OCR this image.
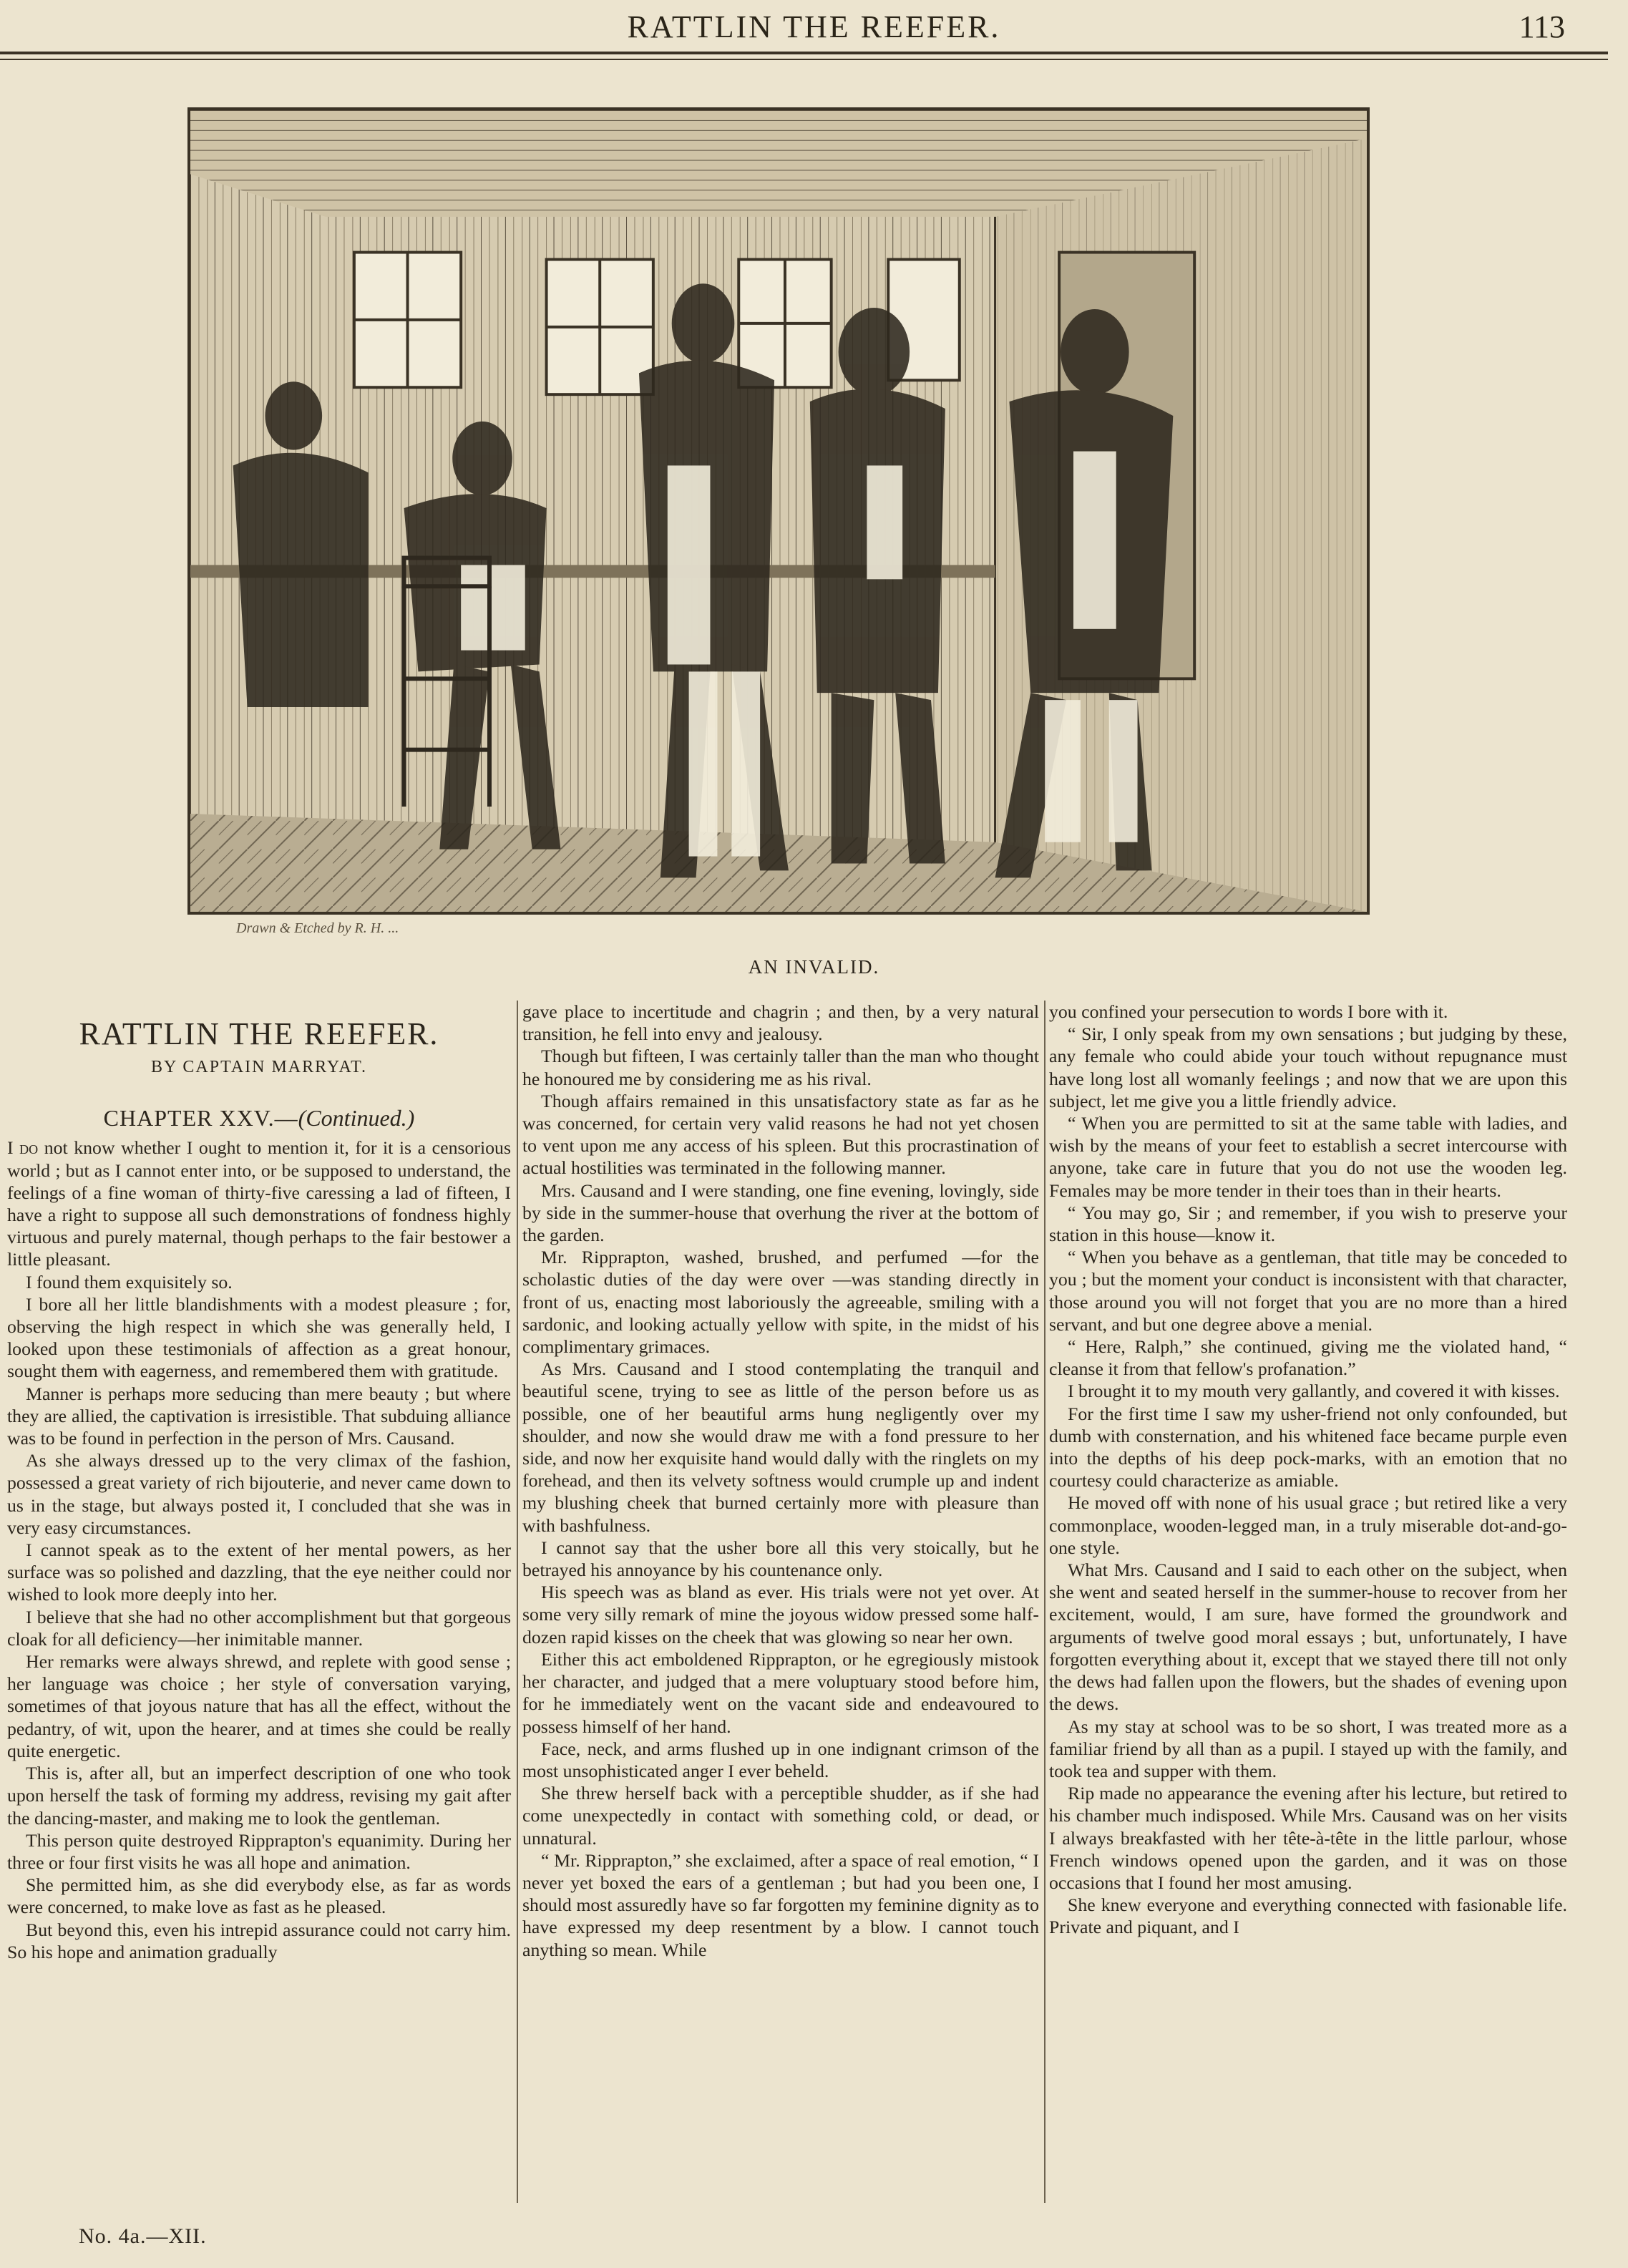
RATTLIN THE REEFER.	113
Drawn & Etched by R. H. ...
AN INVALID.

RATTLIN THE REEFER.

BY CAPTAIN MARRYAT.

CHAPTER XXV.—(Continued.)

I do not know whether I ought to mention it, for it is a censorious world ; but as I cannot enter into, or be supposed to understand, the feelings of a fine woman of thirty-five caressing a lad of fifteen, I have a right to suppose all such demonstrations of fondness highly virtuous and purely maternal, though perhaps to the fair bestower a little pleasant.

I found them exquisitely so.

I bore all her little blandishments with a modest pleasure ; for, observing the high respect in which she was generally held, I looked upon these testimonials of affection as a great honour, sought them with eagerness, and remembered them with gratitude.

Manner is perhaps more seducing than mere beauty ; but where they are allied, the captivation is irresistible. That subduing alliance was to be found in perfection in the person of Mrs. Causand.

As she always dressed up to the very climax of the fashion, possessed a great variety of rich bijouterie, and never came down to us in the stage, but always posted it, I concluded that she was in very easy circumstances.

I cannot speak as to the extent of her mental powers, as her surface was so polished and dazzling, that the eye neither could nor wished to look more deeply into her.

I believe that she had no other accomplishment but that gorgeous cloak for all deficiency—her inimitable manner.

Her remarks were always shrewd, and replete with good sense ; her language was choice ; her style of conversation varying, sometimes of that joyous nature that has all the effect, without the pedantry, of wit, upon the hearer, and at times she could be really quite energetic.

This is, after all, but an imperfect description of one who took upon herself the task of forming my address, revising my gait after the dancing-master, and making me to look the gentleman.

This person quite destroyed Ripprapton's equanimity. During her three or four first visits he was all hope and animation.

She permitted him, as she did everybody else, as far as words were concerned, to make love as fast as he pleased.

But beyond this, even his intrepid assurance could not carry him. So his hope and animation gradually

gave place to incertitude and chagrin ; and then, by a very natural transition, he fell into envy and jealousy.

Though but fifteen, I was certainly taller than the man who thought he honoured me by considering me as his rival.

Though affairs remained in this unsatisfactory state as far as he was concerned, for certain very valid reasons he had not yet chosen to vent upon me any access of his spleen. But this procrastination of actual hostilities was terminated in the following manner.

Mrs. Causand and I were standing, one fine evening, lovingly, side by side in the summer-house that overhung the river at the bottom of the garden.

Mr. Ripprapton, washed, brushed, and perfumed —for the scholastic duties of the day were over —was standing directly in front of us, enacting most laboriously the agreeable, smiling with a sardonic, and looking actually yellow with spite, in the midst of his complimentary grimaces.

As Mrs. Causand and I stood contemplating the tranquil and beautiful scene, trying to see as little of the person before us as possible, one of her beautiful arms hung negligently over my shoulder, and now she would draw me with a fond pressure to her side, and now her exquisite hand would dally with the ringlets on my forehead, and then its velvety softness would crumple up and indent my blushing cheek that burned certainly more with pleasure than with bashfulness.

I cannot say that the usher bore all this very stoically, but he betrayed his annoyance by his countenance only.

His speech was as bland as ever. His trials were not yet over. At some very silly remark of mine the joyous widow pressed some half-dozen rapid kisses on the cheek that was glowing so near her own.

Either this act emboldened Ripprapton, or he egregiously mistook her character, and judged that a mere voluptuary stood before him, for he immediately went on the vacant side and endeavoured to possess himself of her hand.

Face, neck, and arms flushed up in one indignant crimson of the most unsophisticated anger I ever beheld.

She threw herself back with a perceptible shudder, as if she had come unexpectedly in contact with something cold, or dead, or unnatural.

“ Mr. Ripprapton,” she exclaimed, after a space of real emotion, “ I never yet boxed the ears of a gentleman ; but had you been one, I should most assuredly have so far forgotten my feminine dignity as to have expressed my deep resentment by a blow. I cannot touch anything so mean. While

you confined your persecution to words I bore with it.

“ Sir, I only speak from my own sensations ; but judging by these, any female who could abide your touch without repugnance must have long lost all womanly feelings ; and now that we are upon this subject, let me give you a little friendly advice.

“ When you are permitted to sit at the same table with ladies, and wish by the means of your feet to establish a secret intercourse with anyone, take care in future that you do not use the wooden leg. Females may be more tender in their toes than in their hearts.

“ You may go, Sir ; and remember, if you wish to preserve your station in this house—know it.

“ When you behave as a gentleman, that title may be conceded to you ; but the moment your conduct is inconsistent with that character, those around you will not forget that you are no more than a hired servant, and but one degree above a menial.

“ Here, Ralph,” she continued, giving me the violated hand, “ cleanse it from that fellow's profanation.”

I brought it to my mouth very gallantly, and covered it with kisses.

For the first time I saw my usher-friend not only confounded, but dumb with consternation, and his whitened face became purple even into the depths of his deep pock-marks, with an emotion that no courtesy could characterize as amiable.

He moved off with none of his usual grace ; but retired like a very commonplace, wooden-legged man, in a truly miserable dot-and-go-one style.

What Mrs. Causand and I said to each other on the subject, when she went and seated herself in the summer-house to recover from her excitement, would, I am sure, have formed the groundwork and arguments of twelve good moral essays ; but, unfortunately, I have forgotten everything about it, except that we stayed there till not only the dews had fallen upon the flowers, but the shades of evening upon the dews.

As my stay at school was to be so short, I was treated more as a familiar friend by all than as a pupil. I stayed up with the family, and took tea and supper with them.

Rip made no appearance the evening after his lecture, but retired to his chamber much indisposed. While Mrs. Causand was on her visits I always breakfasted with her tête-à-tête in the little parlour, whose French windows opened upon the garden, and it was on those occasions that I found her most amusing.

She knew everyone and everything connected with fasionable life. Private and piquant, and I

No. 4a.—XII.
